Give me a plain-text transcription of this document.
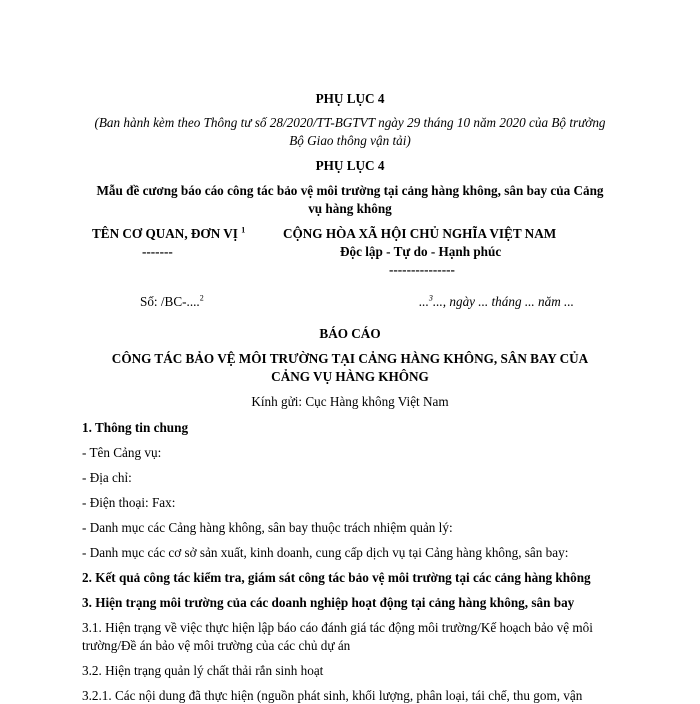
PHỤ LỤC 4
(Ban hành kèm theo Thông tư số 28/2020/TT-BGTVT ngày 29 tháng 10 năm 2020 của Bộ trưởng
Bộ Giao thông vận tải)
PHỤ LỤC 4
Mẫu đề cương báo cáo công tác bảo vệ môi trường tại cảng hàng không, sân bay của Cảng
vụ hàng không
TÊN CƠ QUAN, ĐƠN VỊ $^1$
-------
CỘNG HÒA XÃ HỘI CHỦ NGHĨA VIỆT NAM
Độc lập - Tự do - Hạnh phúc
---------------
Số: /BC-....$^2$	...$^3$..., ngày ... tháng ... năm ...
BÁO CÁO
CÔNG TÁC BẢO VỆ MÔI TRƯỜNG TẠI CẢNG HÀNG KHÔNG, SÂN BAY CỦA
CẢNG VỤ HÀNG KHÔNG
Kính gửi: Cục Hàng không Việt Nam
1. Thông tin chung
- Tên Cảng vụ:
- Địa chỉ:
- Điện thoại: Fax:
- Danh mục các Cảng hàng không, sân bay thuộc trách nhiệm quản lý:
- Danh mục các cơ sở sản xuất, kinh doanh, cung cấp dịch vụ tại Cảng hàng không, sân bay:
2. Kết quả công tác kiểm tra, giám sát công tác bảo vệ môi trường tại các cảng hàng không
3. Hiện trạng môi trường của các doanh nghiệp hoạt động tại cảng hàng không, sân bay
3.1. Hiện trạng về việc thực hiện lập báo cáo đánh giá tác động môi trường/Kế hoạch bảo vệ môi
trường/Đề án bảo vệ môi trường của các chủ dự án
3.2. Hiện trạng quản lý chất thải rắn sinh hoạt
3.2.1. Các nội dung đã thực hiện (nguồn phát sinh, khối lượng, phân loại, tái chế, thu gom, vận
